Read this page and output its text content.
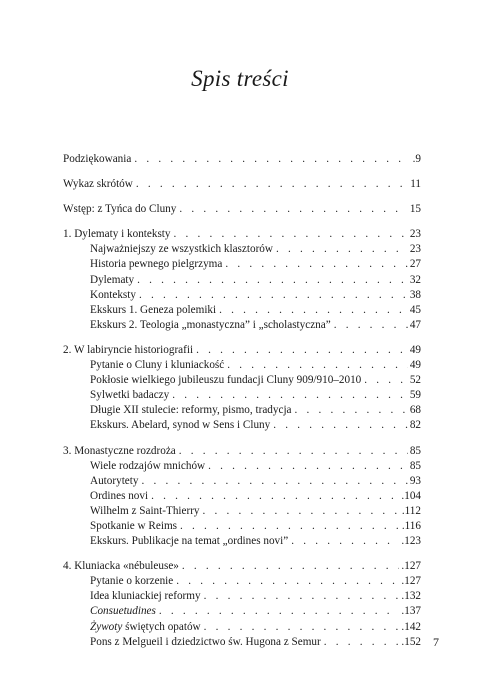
Spis treści
Podziękowania . . .	.9
Wykaz skrótów . . .	11
Wstęp: z Tyńca do Cluny . . .	15
1. Dylematy i konteksty . . .	23
Najważniejszy ze wszystkich klasztorów . . .	23
Historia pewnego pielgrzyma . . .	27
Dylematy . . .	32
Konteksty . . .	38
Ekskurs 1. Geneza polemiki . . .	45
Ekskurs 2. Teologia „monastyczna” i „scholastyczna” . . .	47
2. W labiryncie historiografii . . .	49
Pytanie o Cluny i kluniackość . . .	49
Pokłosie wielkiego jubileuszu fundacji Cluny 909/910–2010 . . .	52
Sylwetki badaczy . . .	59
Długie XII stulecie: reformy, pismo, tradycja . . .	68
Ekskurs. Abelard, synod w Sens i Cluny . . .	82
3. Monastyczne rozdroża . . .	85
Wiele rodzajów mnichów . . .	85
Autorytety . . .	93
Ordines novi . . .	.104
Wilhelm z Saint-Thierry . . .	.112
Spotkanie w Reims . . .	.116
Ekskurs. Publikacje na temat „ordines novi” . . .	.123
4. Kluniacka «nébuleuse» . . .	.127
Pytanie o korzenie . . .	.127
Idea kluniackiej reformy . . .	.132
Consuetudines . . .	.137
Żywoty świętych opatów . . .	.142
Pons z Melgueil i dziedzictwo św. Hugona z Semur . . .	.152 7
